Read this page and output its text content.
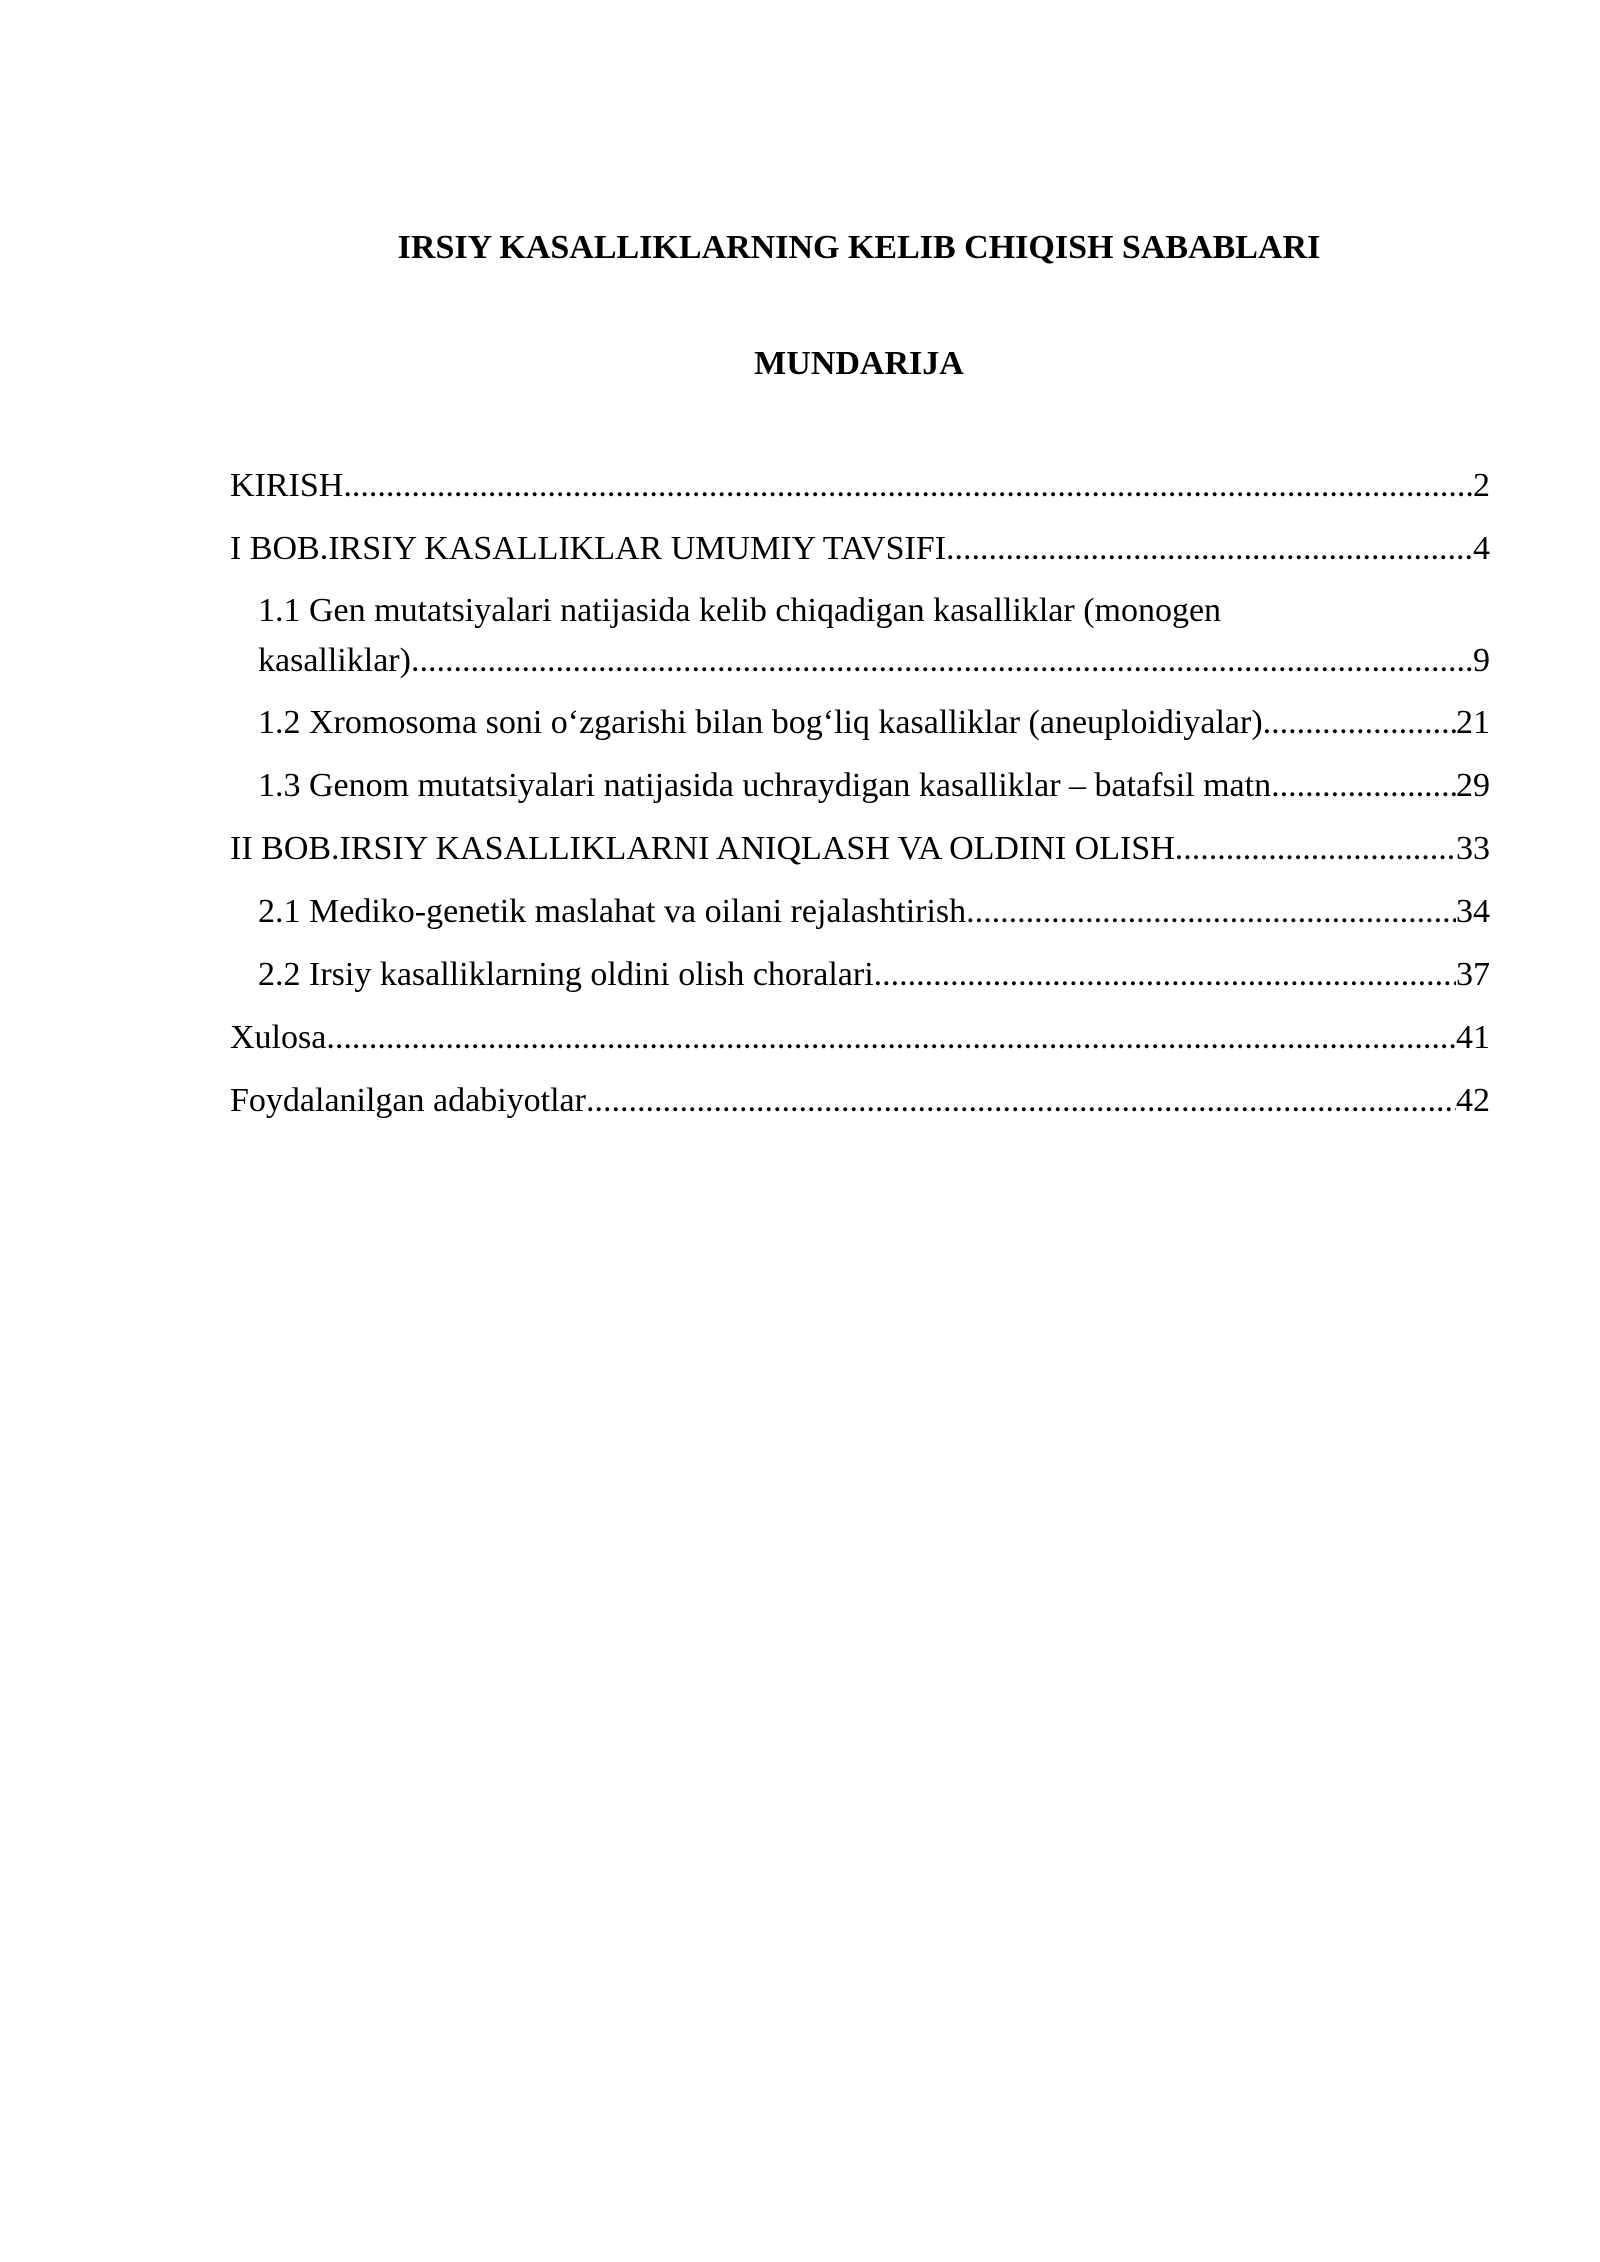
IRSIY KASALLIKLARNING KELIB CHIQISH SABABLARI
MUNDARIJA
KIRISH .....	2
I BOB.IRSIY KASALLIKLAR UMUMIY TAVSIFI .....	4
1.1 Gen mutatsiyalari natijasida kelib chiqadigan kasalliklar (monogen
kasalliklar) .....	9
1.2 Xromosoma soni o‘zgarishi bilan bog‘liq kasalliklar (aneuploidiyalar) .....	21
1.3 Genom mutatsiyalari natijasida uchraydigan kasalliklar – batafsil matn .....	29
II BOB.IRSIY KASALLIKLARNI ANIQLASH VA OLDINI OLISH .....	33
2.1 Mediko-genetik maslahat va oilani rejalashtirish .....	34
2.2 Irsiy kasalliklarning oldini olish choralari .....	37
Xulosa .....	41
Foydalanilgan adabiyotlar .....	42
